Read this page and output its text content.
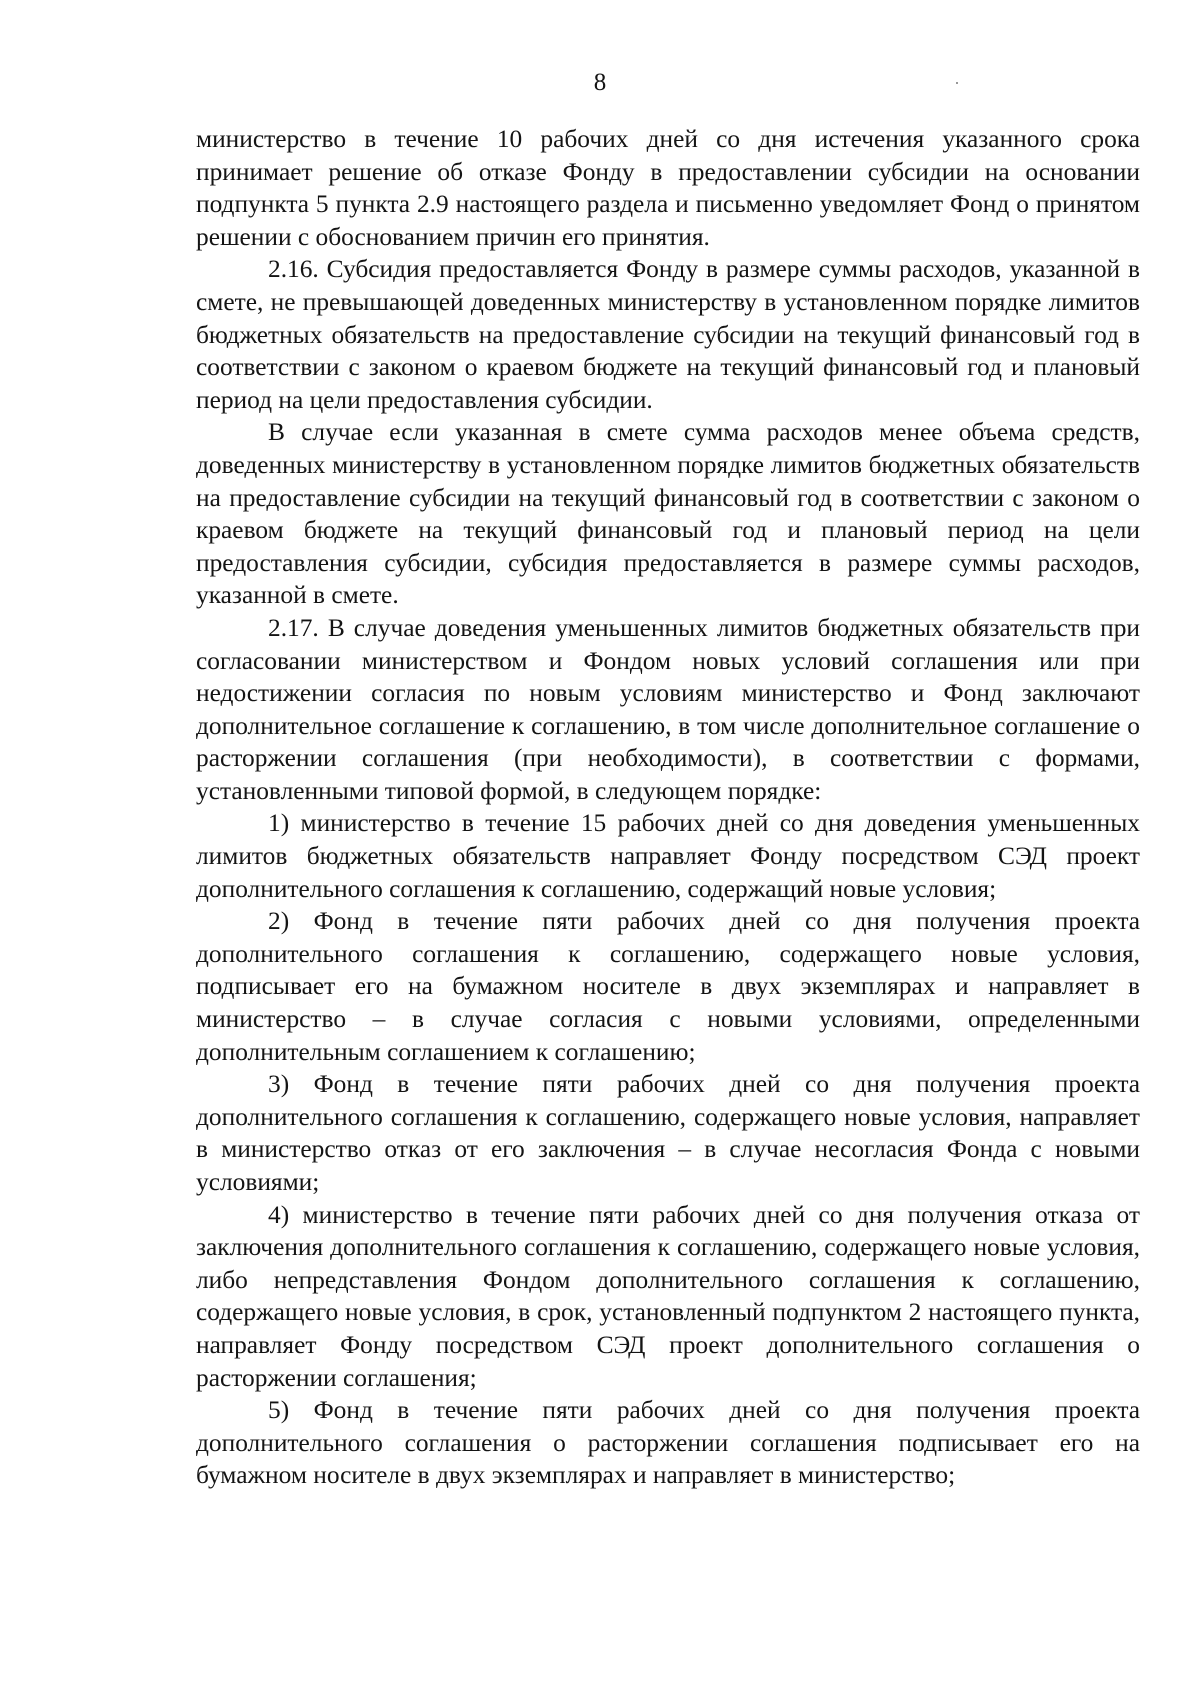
8

министерство в течение 10 рабочих дней со дня истечения указанного срока принимает решение об отказе Фонду в предоставлении субсидии на основании подпункта 5 пункта 2.9 настоящего раздела и письменно уведомляет Фонд о принятом решении с обоснованием причин его принятия.

2.16. Субсидия предоставляется Фонду в размере суммы расходов, указанной в смете, не превышающей доведенных министерству в установленном порядке лимитов бюджетных обязательств на предоставление субсидии на текущий финансовый год в соответствии с законом о краевом бюджете на текущий финансовый год и плановый период на цели предоставления субсидии.

В случае если указанная в смете сумма расходов менее объема средств, доведенных министерству в установленном порядке лимитов бюджетных обязательств на предоставление субсидии на текущий финансовый год в соответствии с законом о краевом бюджете на текущий финансовый год и плановый период на цели предоставления субсидии, субсидия предоставляется в размере суммы расходов, указанной в смете.

2.17. В случае доведения уменьшенных лимитов бюджетных обязательств при согласовании министерством и Фондом новых условий соглашения или при недостижении согласия по новым условиям министерство и Фонд заключают дополнительное соглашение к соглашению, в том числе дополнительное соглашение о расторжении соглашения (при необходимости), в соответствии с формами, установленными типовой формой, в следующем порядке:

1) министерство в течение 15 рабочих дней со дня доведения уменьшенных лимитов бюджетных обязательств направляет Фонду посредством СЭД проект дополнительного соглашения к соглашению, содержащий новые условия;

2) Фонд в течение пяти рабочих дней со дня получения проекта дополнительного соглашения к соглашению, содержащего новые условия, подписывает его на бумажном носителе в двух экземплярах и направляет в министерство – в случае согласия с новыми условиями, определенными дополнительным соглашением к соглашению;

3) Фонд в течение пяти рабочих дней со дня получения проекта дополнительного соглашения к соглашению, содержащего новые условия, направляет в министерство отказ от его заключения – в случае несогласия Фонда с новыми условиями;

4) министерство в течение пяти рабочих дней со дня получения отказа от заключения дополнительного соглашения к соглашению, содержащего новые условия, либо непредставления Фондом дополнительного соглашения к соглашению, содержащего новые условия, в срок, установленный подпунктом 2 настоящего пункта, направляет Фонду посредством СЭД проект дополнительного соглашения о расторжении соглашения;

5) Фонд в течение пяти рабочих дней со дня получения проекта дополнительного соглашения о расторжении соглашения подписывает его на бумажном носителе в двух экземплярах и направляет в министерство;
